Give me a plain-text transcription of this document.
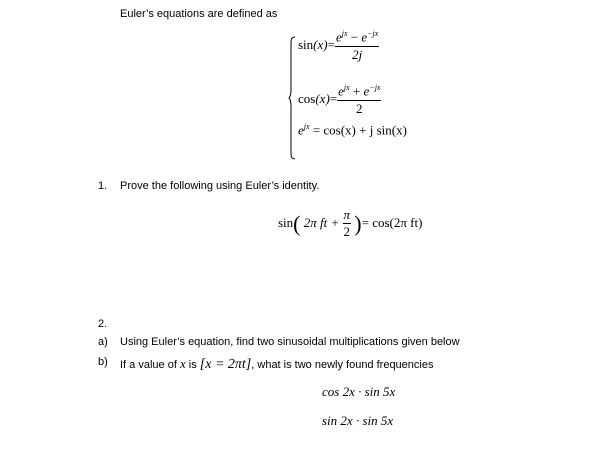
Euler’s equations are defined as
$\sin(x)= \frac{e^{jx} - e^{-jx}}{2j}$
$\cos(x)= \frac{e^{jx} + e^{-jx}}{2}$
$e^{jx} = \cos(x) + j$ sin(x)
1. Prove the following using Euler’s identity.
sin( 2π ft + $\frac{\pi}{2}$ )= cos(2π ft)
2.
a) Using Euler’s equation, find two sinusoidal multiplications given below
b) If a value of x is [x = 2πt], what is two newly found frequencies
cos 2x · sin 5x
sin 2x · sin 5x
